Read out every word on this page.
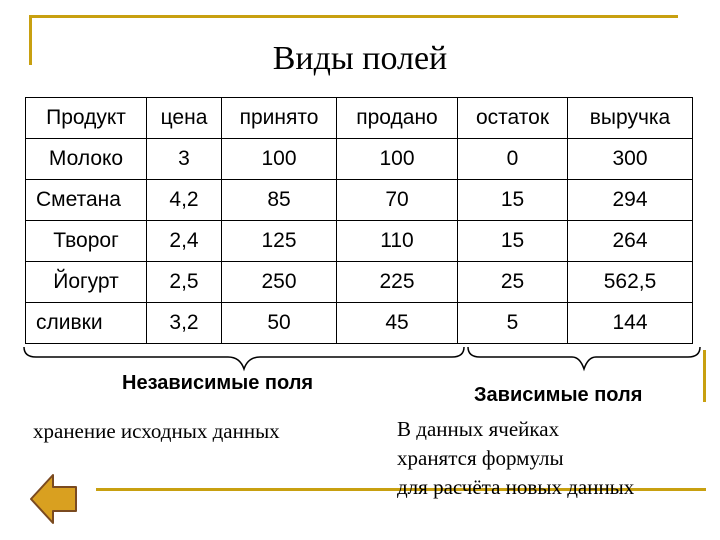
Виды полей
Продукт	цена	принято	продано	остаток	выручка
Молоко	3	100	100	0	300
Сметана	4,2	85	70	15	294
Творог	2,4	125	110	15	264
Йогурт	2,5	250	225	25	562,5
сливки	3,2	50	45	5	144
Независимые поля
Зависимые поля
хранение исходных данных	В данных ячейках
хранятся формулы
для расчёта новых данных
